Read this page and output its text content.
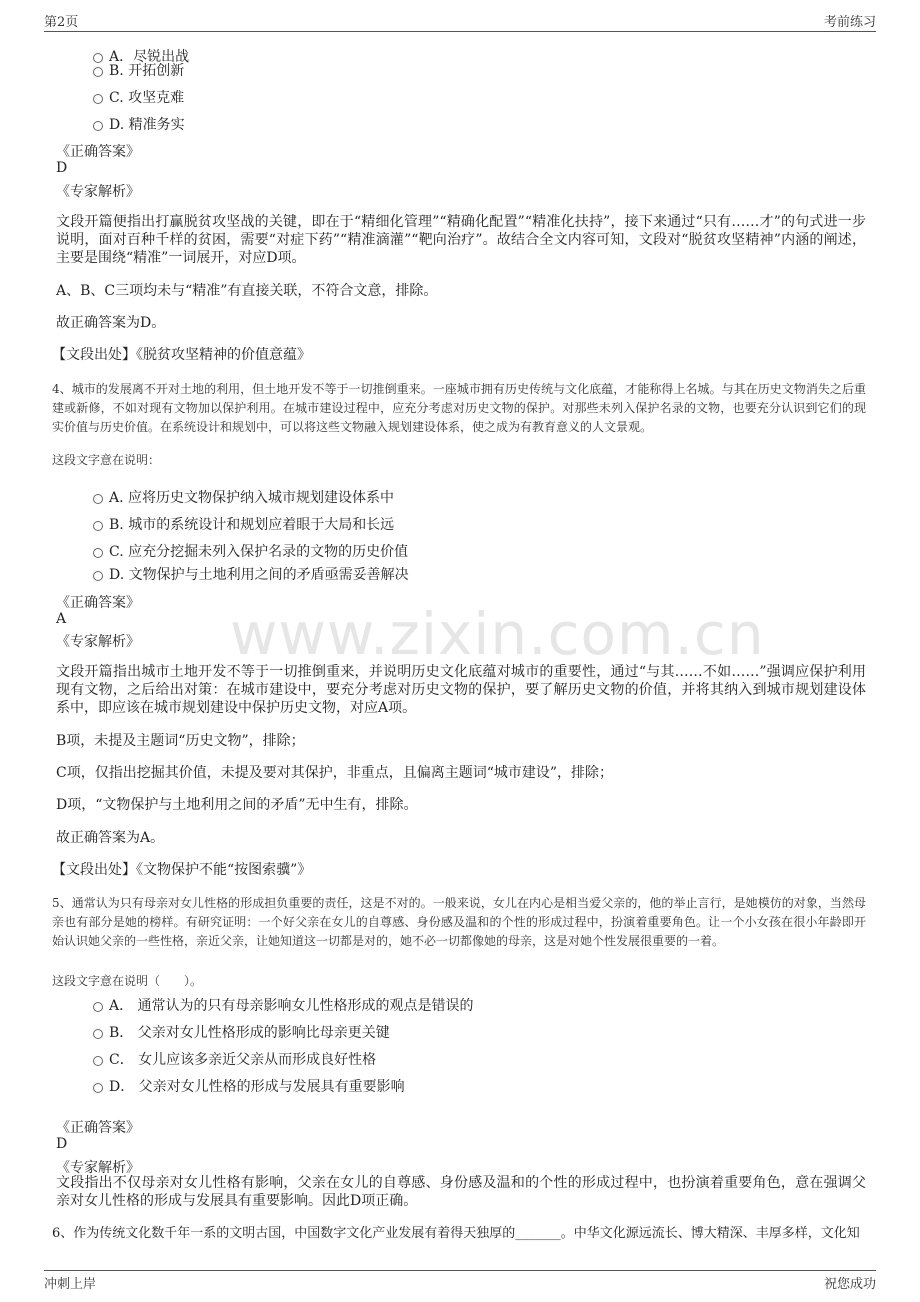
第2页	考前练习
www.zixin.com.cn
A．尽锐出战
B. 开拓创新
C. 攻坚克难
D. 精准务实
《正确答案》
D
《专家解析》
文段开篇便指出打赢脱贫攻坚战的关键，即在于“精细化管理”“精确化配置”“精准化扶持”，接下来通过“只有……才”的句式进一步说明，面对百种千样的贫困，需要“对症下药”“精准滴灌”“靶向治疗”。故结合全文内容可知，文段对“脱贫攻坚精神”内涵的阐述，主要是围绕“精准”一词展开，对应D项。
A、B、C三项均未与“精准”有直接关联，不符合文意，排除。
故正确答案为D。
【文段出处】《脱贫攻坚精神的价值意蕴》
4、城市的发展离不开对土地的利用，但土地开发不等于一切推倒重来。一座城市拥有历史传统与文化底蕴，才能称得上名城。与其在历史文物消失之后重建或新修，不如对现有文物加以保护利用。在城市建设过程中，应充分考虑对历史文物的保护。对那些未列入保护名录的文物，也要充分认识到它们的现实价值与历史价值。在系统设计和规划中，可以将这些文物融入规划建设体系，使之成为有教育意义的人文景观。
这段文字意在说明：
A. 应将历史文物保护纳入城市规划建设体系中
B. 城市的系统设计和规划应着眼于大局和长远
C. 应充分挖掘未列入保护名录的文物的历史价值
D. 文物保护与土地利用之间的矛盾亟需妥善解决
《正确答案》
A
《专家解析》
文段开篇指出城市土地开发不等于一切推倒重来，并说明历史文化底蕴对城市的重要性，通过“与其……不如……”强调应保护利用现有文物，之后给出对策：在城市建设中，要充分考虑对历史文物的保护，要了解历史文物的价值，并将其纳入到城市规划建设体系中，即应该在城市规划建设中保护历史文物，对应A项。
B项，未提及主题词“历史文物”，排除；
C项，仅指出挖掘其价值，未提及要对其保护，非重点，且偏离主题词“城市建设”，排除；
D项，“文物保护与土地利用之间的矛盾”无中生有，排除。
故正确答案为A。
【文段出处】《文物保护不能“按图索骥”》
5、通常认为只有母亲对女儿性格的形成担负重要的责任，这是不对的。一般来说，女儿在内心是相当爱父亲的，他的举止言行，是她模仿的对象，当然母亲也有部分是她的榜样。有研究证明：一个好父亲在女儿的自尊感、身份感及温和的个性的形成过程中，扮演着重要角色。让一个小女孩在很小年龄即开始认识她父亲的一些性格，亲近父亲，让她知道这一切都是对的，她不必一切都像她的母亲，这是对她个性发展很重要的一着。
这段文字意在说明（　　）。
A． 通常认为的只有母亲影响女儿性格形成的观点是错误的
B． 父亲对女儿性格形成的影响比母亲更关键
C． 女儿应该多亲近父亲从而形成良好性格
D． 父亲对女儿性格的形成与发展具有重要影响
《正确答案》
D
《专家解析》
文段指出不仅母亲对女儿性格有影响，父亲在女儿的自尊感、身份感及温和的个性的形成过程中，也扮演着重要角色，意在强调父亲对女儿性格的形成与发展具有重要影响。因此D项正确。
6、作为传统文化数千年一系的文明古国，中国数字文化产业发展有着得天独厚的_______。中华文化源远流长、博大精深、丰厚多样，文化知
冲刺上岸	祝您成功
